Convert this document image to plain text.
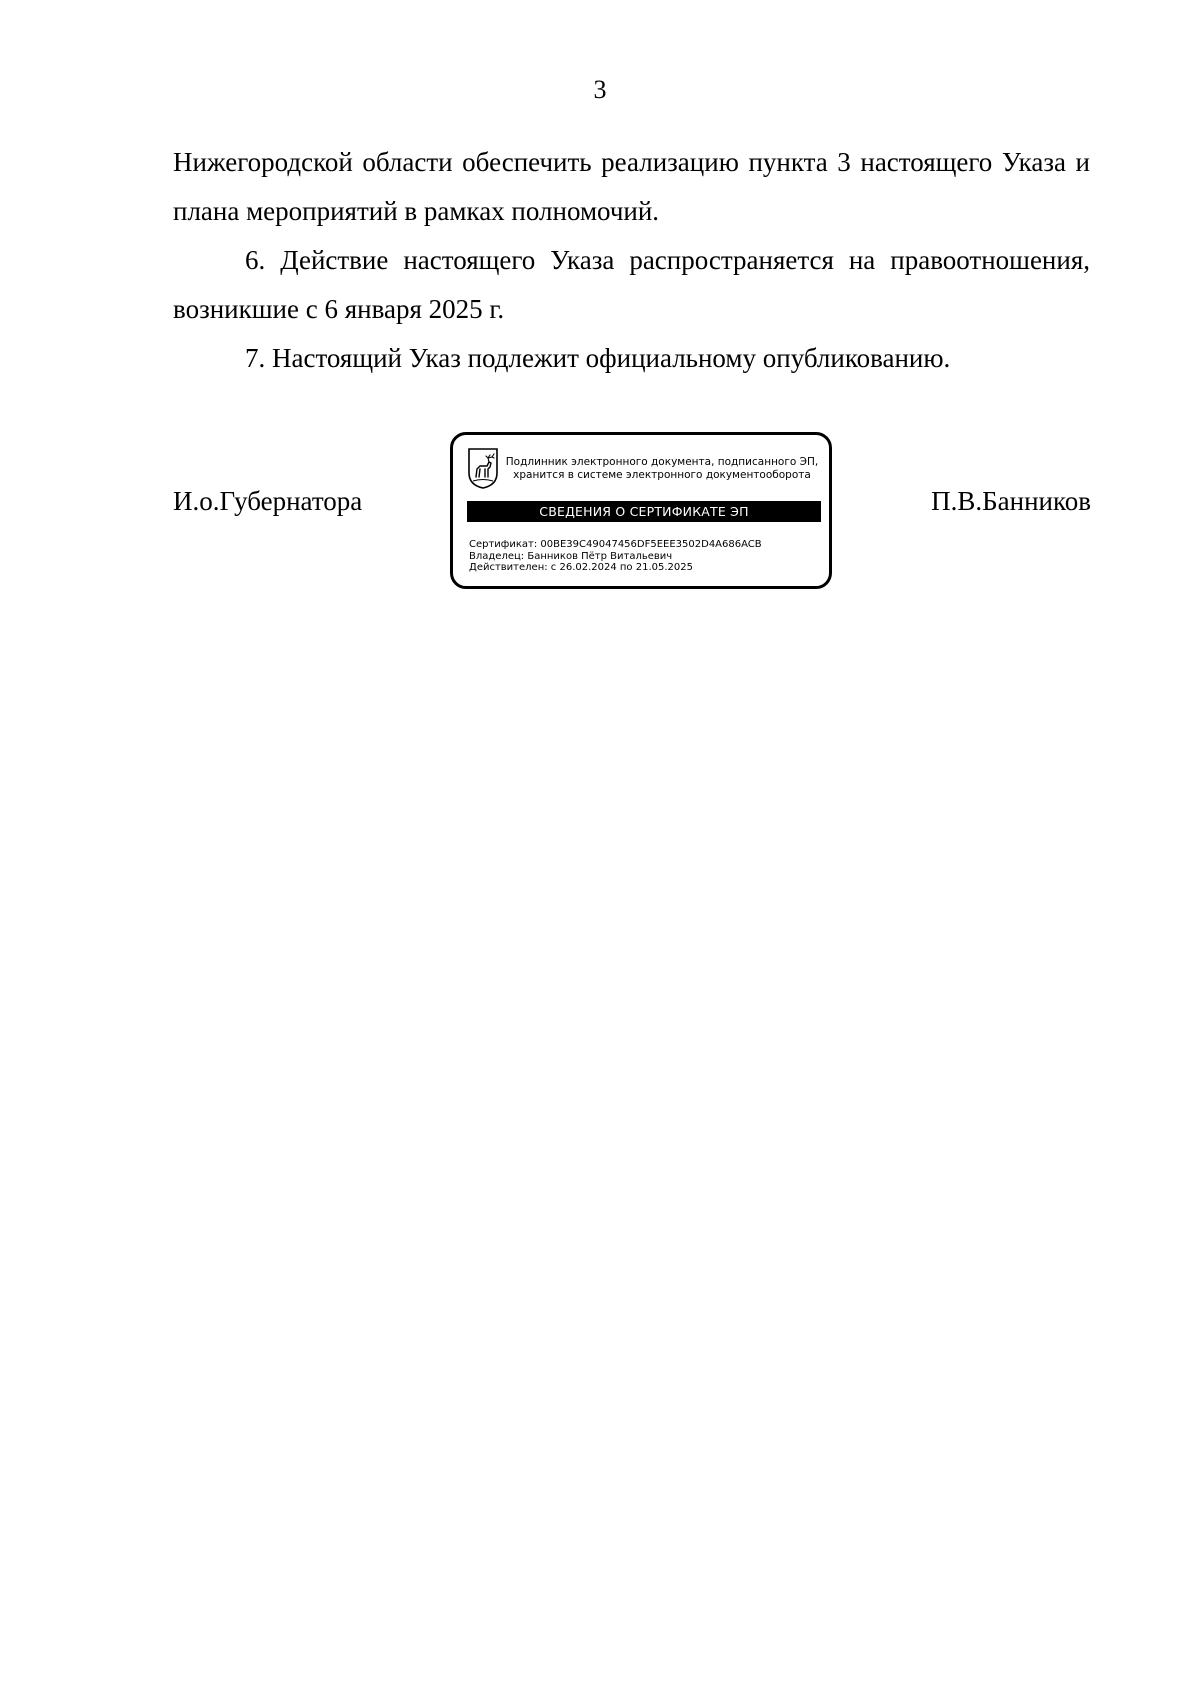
3

Нижегородской области обеспечить реализацию пункта 3 настоящего Указа и плана мероприятий в рамках полномочий.

6. Действие настоящего Указа распространяется на правоотношения, возникшие с 6 января 2025 г.

7. Настоящий Указ подлежит официальному опубликованию.

И.о.Губернатора
Подлинник электронного документа, подписанного ЭП,
хранится в системе электронного документооборота
СВЕДЕНИЯ О СЕРТИФИКАТЕ ЭП
Сертификат: 00BE39C49047456DF5EEE3502D4A686ACB
Владелец: Банников Пётр Витальевич
Действителен: с 26.02.2024 по 21.05.2025
П.В.Банников
